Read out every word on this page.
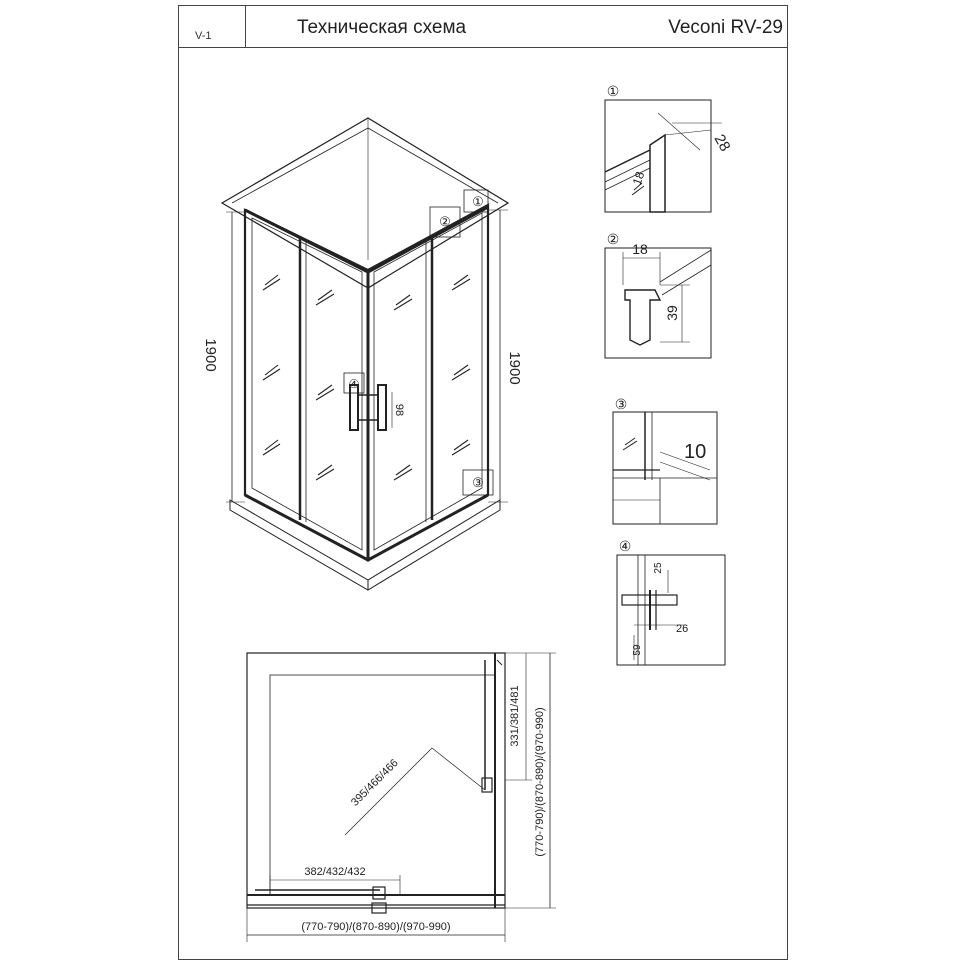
V-1	Техническая схема	Veconi RV-29
①
②
④
③
1900	1900
98
①
28
18
②
18
39
③
10
④
25
26
59
382/432/432
395/466/466
331/381/481 (770-790)/(870-890)/(970-990)
(770-790)/(870-890)/(970-990)
